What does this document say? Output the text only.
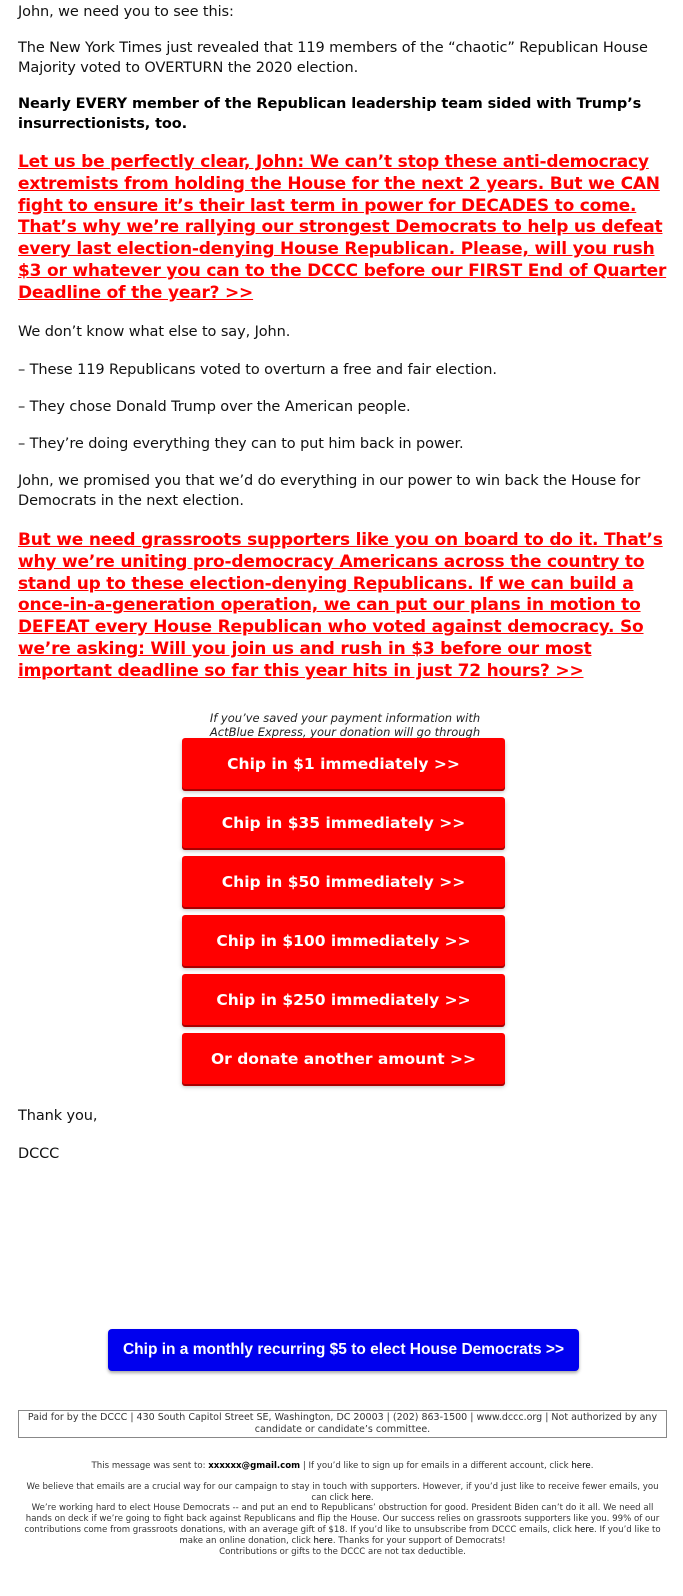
John, we need you to see this:

The New York Times just revealed that 119 members of the “chaotic” Republican House Majority voted to OVERTURN the 2020 election.

Nearly EVERY member of the Republican leadership team sided with Trump’s insurrectionists, too.

Let us be perfectly clear, John: We can’t stop these anti-democracy extremists from holding the House for the next 2 years. But we CAN fight to ensure it’s their last term in power for DECADES to come. That’s why we’re rallying our strongest Democrats to help us defeat every last election-denying House Republican. Please, will you rush $3 or whatever you can to the DCCC before our FIRST End of Quarter Deadline of the year? >>

We don’t know what else to say, John.

– These 119 Republicans voted to overturn a free and fair election.

– They chose Donald Trump over the American people.

– They’re doing everything they can to put him back in power.

John, we promised you that we’d do everything in our power to win back the House for Democrats in the next election.

But we need grassroots supporters like you on board to do it. That’s why we’re uniting pro-democracy Americans across the country to stand up to these election-denying Republicans. If we can build a once-in-a-generation operation, we can put our plans in motion to DEFEAT every House Republican who voted against democracy. So we’re asking: Will you join us and rush in $3 before our most important deadline so far this year hits in just 72 hours? >>

If you’ve saved your payment information with ActBlue Express, your donation will go through

Chip in $1 immediately >>
Chip in $35 immediately >>
Chip in $50 immediately >>
Chip in $100 immediately >>
Chip in $250 immediately >>
Or donate another amount >>

Thank you,

DCCC

Chip in a monthly recurring $5 to elect House Democrats >>
Paid for by the DCCC | 430 South Capitol Street SE, Washington, DC 20003 | (202) 863-1500 | www.dccc.org | Not authorized by any candidate or candidate’s committee.

This message was sent to: xxxxxx@gmail.com | If you’d like to sign up for emails in a different account, click here.

We believe that emails are a crucial way for our campaign to stay in touch with supporters. However, if you’d just like to receive fewer emails, you can click here.

We’re working hard to elect House Democrats -- and put an end to Republicans’ obstruction for good. President Biden can’t do it all. We need all hands on deck if we’re going to fight back against Republicans and flip the House. Our success relies on grassroots supporters like you. 99% of our contributions come from grassroots donations, with an average gift of $18. If you’d like to unsubscribe from DCCC emails, click here. If you’d like to make an online donation, click here. Thanks for your support of Democrats!

Contributions or gifts to the DCCC are not tax deductible.
